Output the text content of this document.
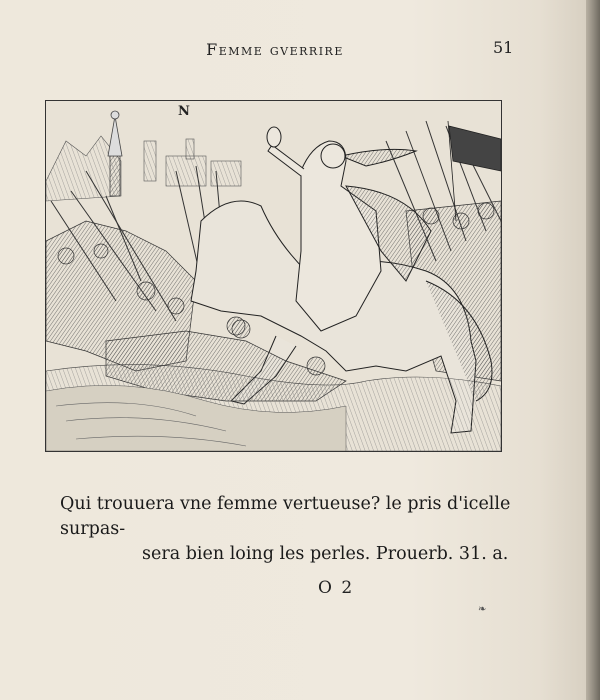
Femme gverrire	51
N
Qui trouuera vne femme vertueuse? le pris d'icelle surpas-
sera bien loing les perles. Prouerb. 31. a.
O 2
❧
